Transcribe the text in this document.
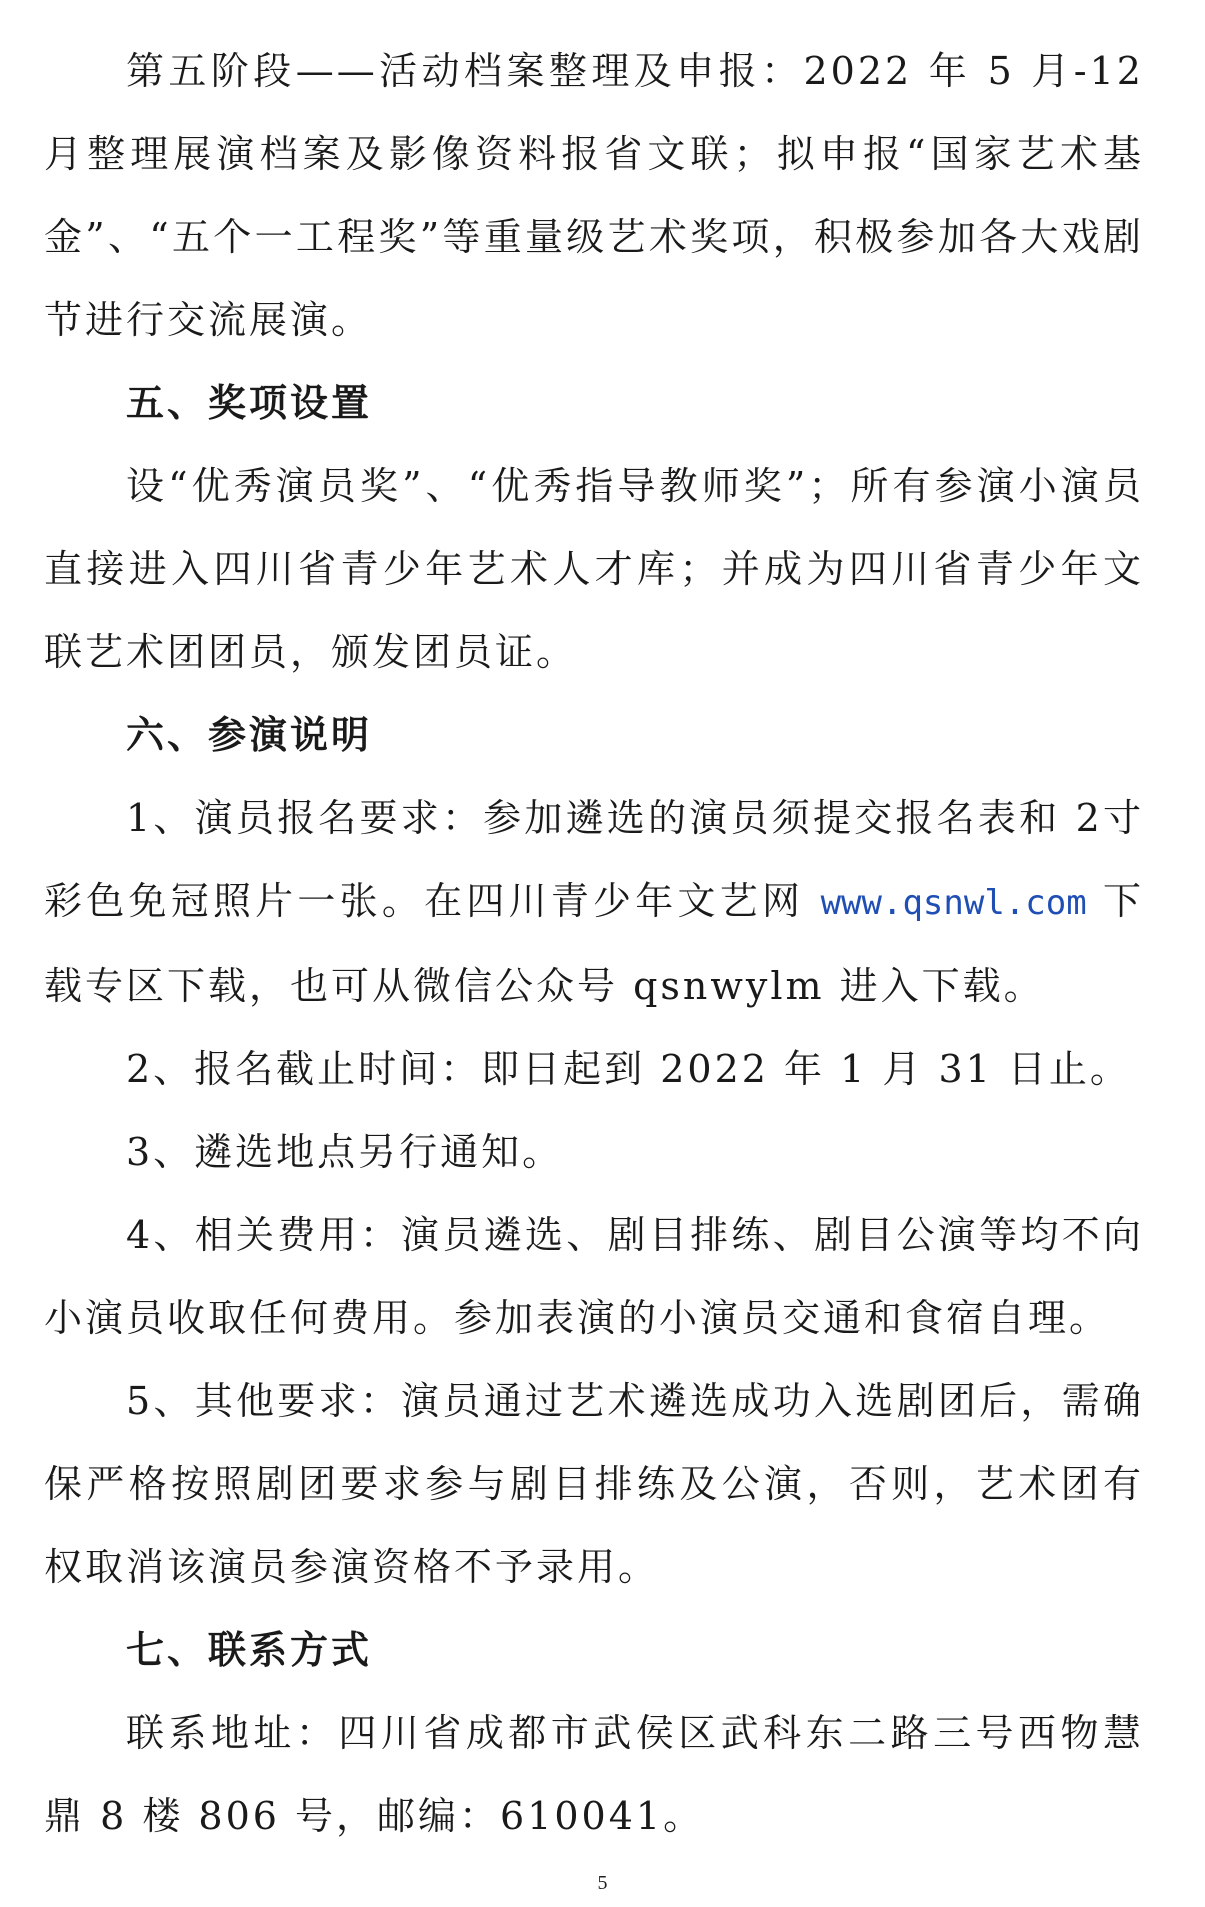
第五阶段——活动档案整理及申报：2022 年 5 月-12 月整理展演档案及影像资料报省文联；拟申报“国家艺术基金”、“五个一工程奖”等重量级艺术奖项，积极参加各大戏剧节进行交流展演。

五、奖项设置

设“优秀演员奖”、“优秀指导教师奖”；所有参演小演员直接进入四川省青少年艺术人才库；并成为四川省青少年文联艺术团团员，颁发团员证。

六、参演说明

1、演员报名要求：参加遴选的演员须提交报名表和 2寸彩色免冠照片一张。在四川青少年文艺网 www.qsnwl.com 下载专区下载，也可从微信公众号 qsnwylm 进入下载。

2、报名截止时间：即日起到 2022 年 1 月 31 日止。

3、遴选地点另行通知。

4、相关费用：演员遴选、剧目排练、剧目公演等均不向小演员收取任何费用。参加表演的小演员交通和食宿自理。

5、其他要求：演员通过艺术遴选成功入选剧团后，需确保严格按照剧团要求参与剧目排练及公演，否则，艺术团有权取消该演员参演资格不予录用。

七、联系方式

联系地址：四川省成都市武侯区武科东二路三号西物慧鼎 8 楼 806 号，邮编：610041。

5
